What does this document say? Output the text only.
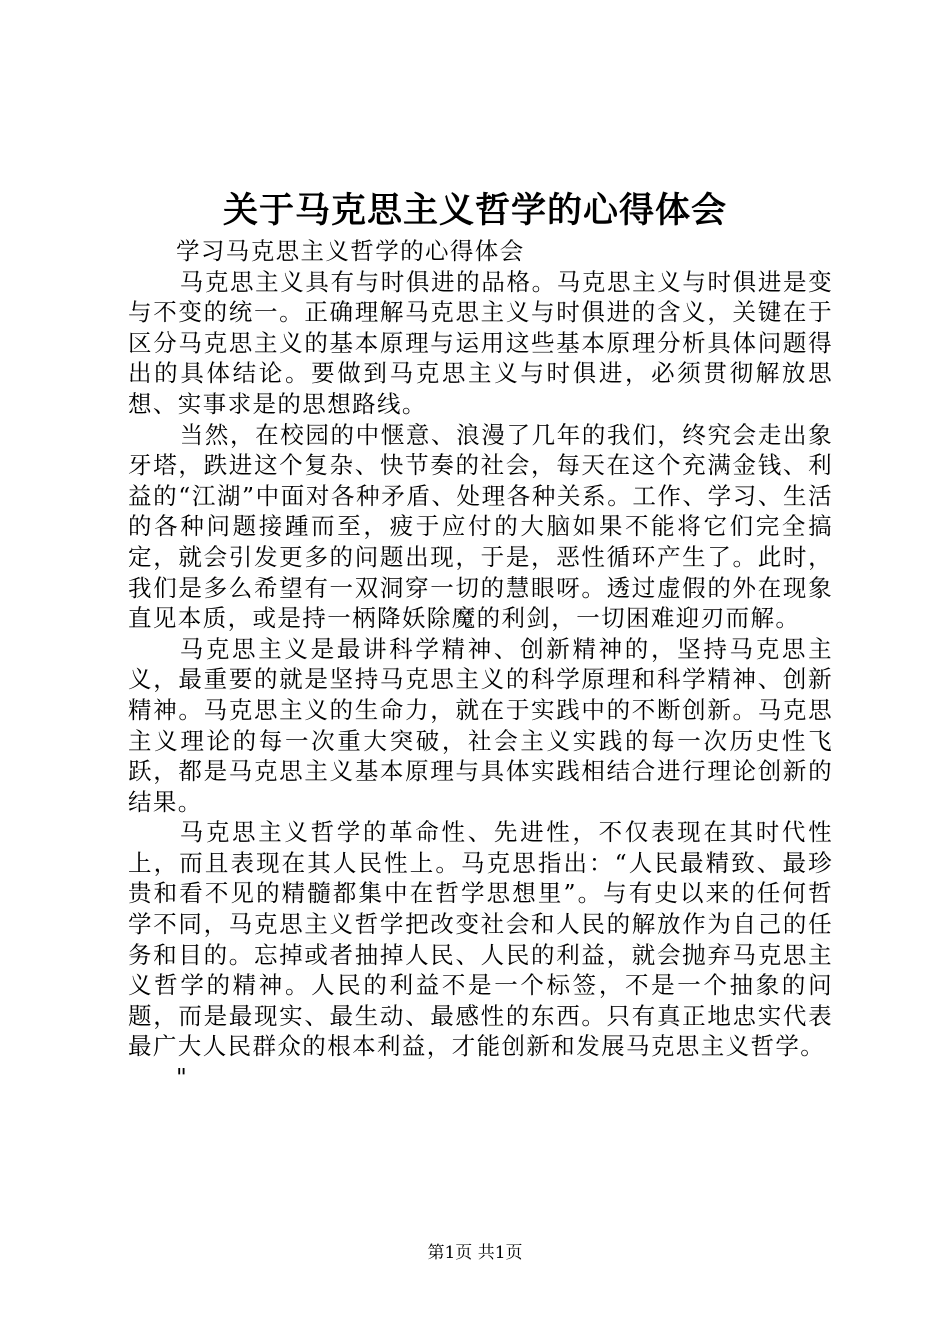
关于马克思主义哲学的心得体会
学习马克思主义哲学的心得体会

马克思主义具有与时俱进的品格。马克思主义与时俱进是变与不变的统一。正确理解马克思主义与时俱进的含义，关键在于区分马克思主义的基本原理与运用这些基本原理分析具体问题得出的具体结论。要做到马克思主义与时俱进，必须贯彻解放思想、实事求是的思想路线。

当然，在校园的中惬意、浪漫了几年的我们，终究会走出象牙塔，跌进这个复杂、快节奏的社会，每天在这个充满金钱、利益的“江湖”中面对各种矛盾、处理各种关系。工作、学习、生活的各种问题接踵而至，疲于应付的大脑如果不能将它们完全搞定，就会引发更多的问题出现，于是，恶性循环产生了。此时，我们是多么希望有一双洞穿一切的慧眼呀。透过虚假的外在现象直见本质，或是持一柄降妖除魔的利剑，一切困难迎刃而解。

马克思主义是最讲科学精神、创新精神的，坚持马克思主义，最重要的就是坚持马克思主义的科学原理和科学精神、创新精神。马克思主义的生命力，就在于实践中的不断创新。马克思主义理论的每一次重大突破，社会主义实践的每一次历史性飞跃，都是马克思主义基本原理与具体实践相结合进行理论创新的结果。

马克思主义哲学的革命性、先进性，不仅表现在其时代性上，而且表现在其人民性上。马克思指出：“人民最精致、最珍贵和看不见的精髓都集中在哲学思想里”。与有史以来的任何哲学不同，马克思主义哲学把改变社会和人民的解放作为自己的任务和目的。忘掉或者抽掉人民、人民的利益，就会抛弃马克思主义哲学的精神。人民的利益不是一个标签，不是一个抽象的问题，而是最现实、最生动、最感性的东西。只有真正地忠实代表最广大人民群众的根本利益，才能创新和发展马克思主义哲学。

"
第1页 共1页
